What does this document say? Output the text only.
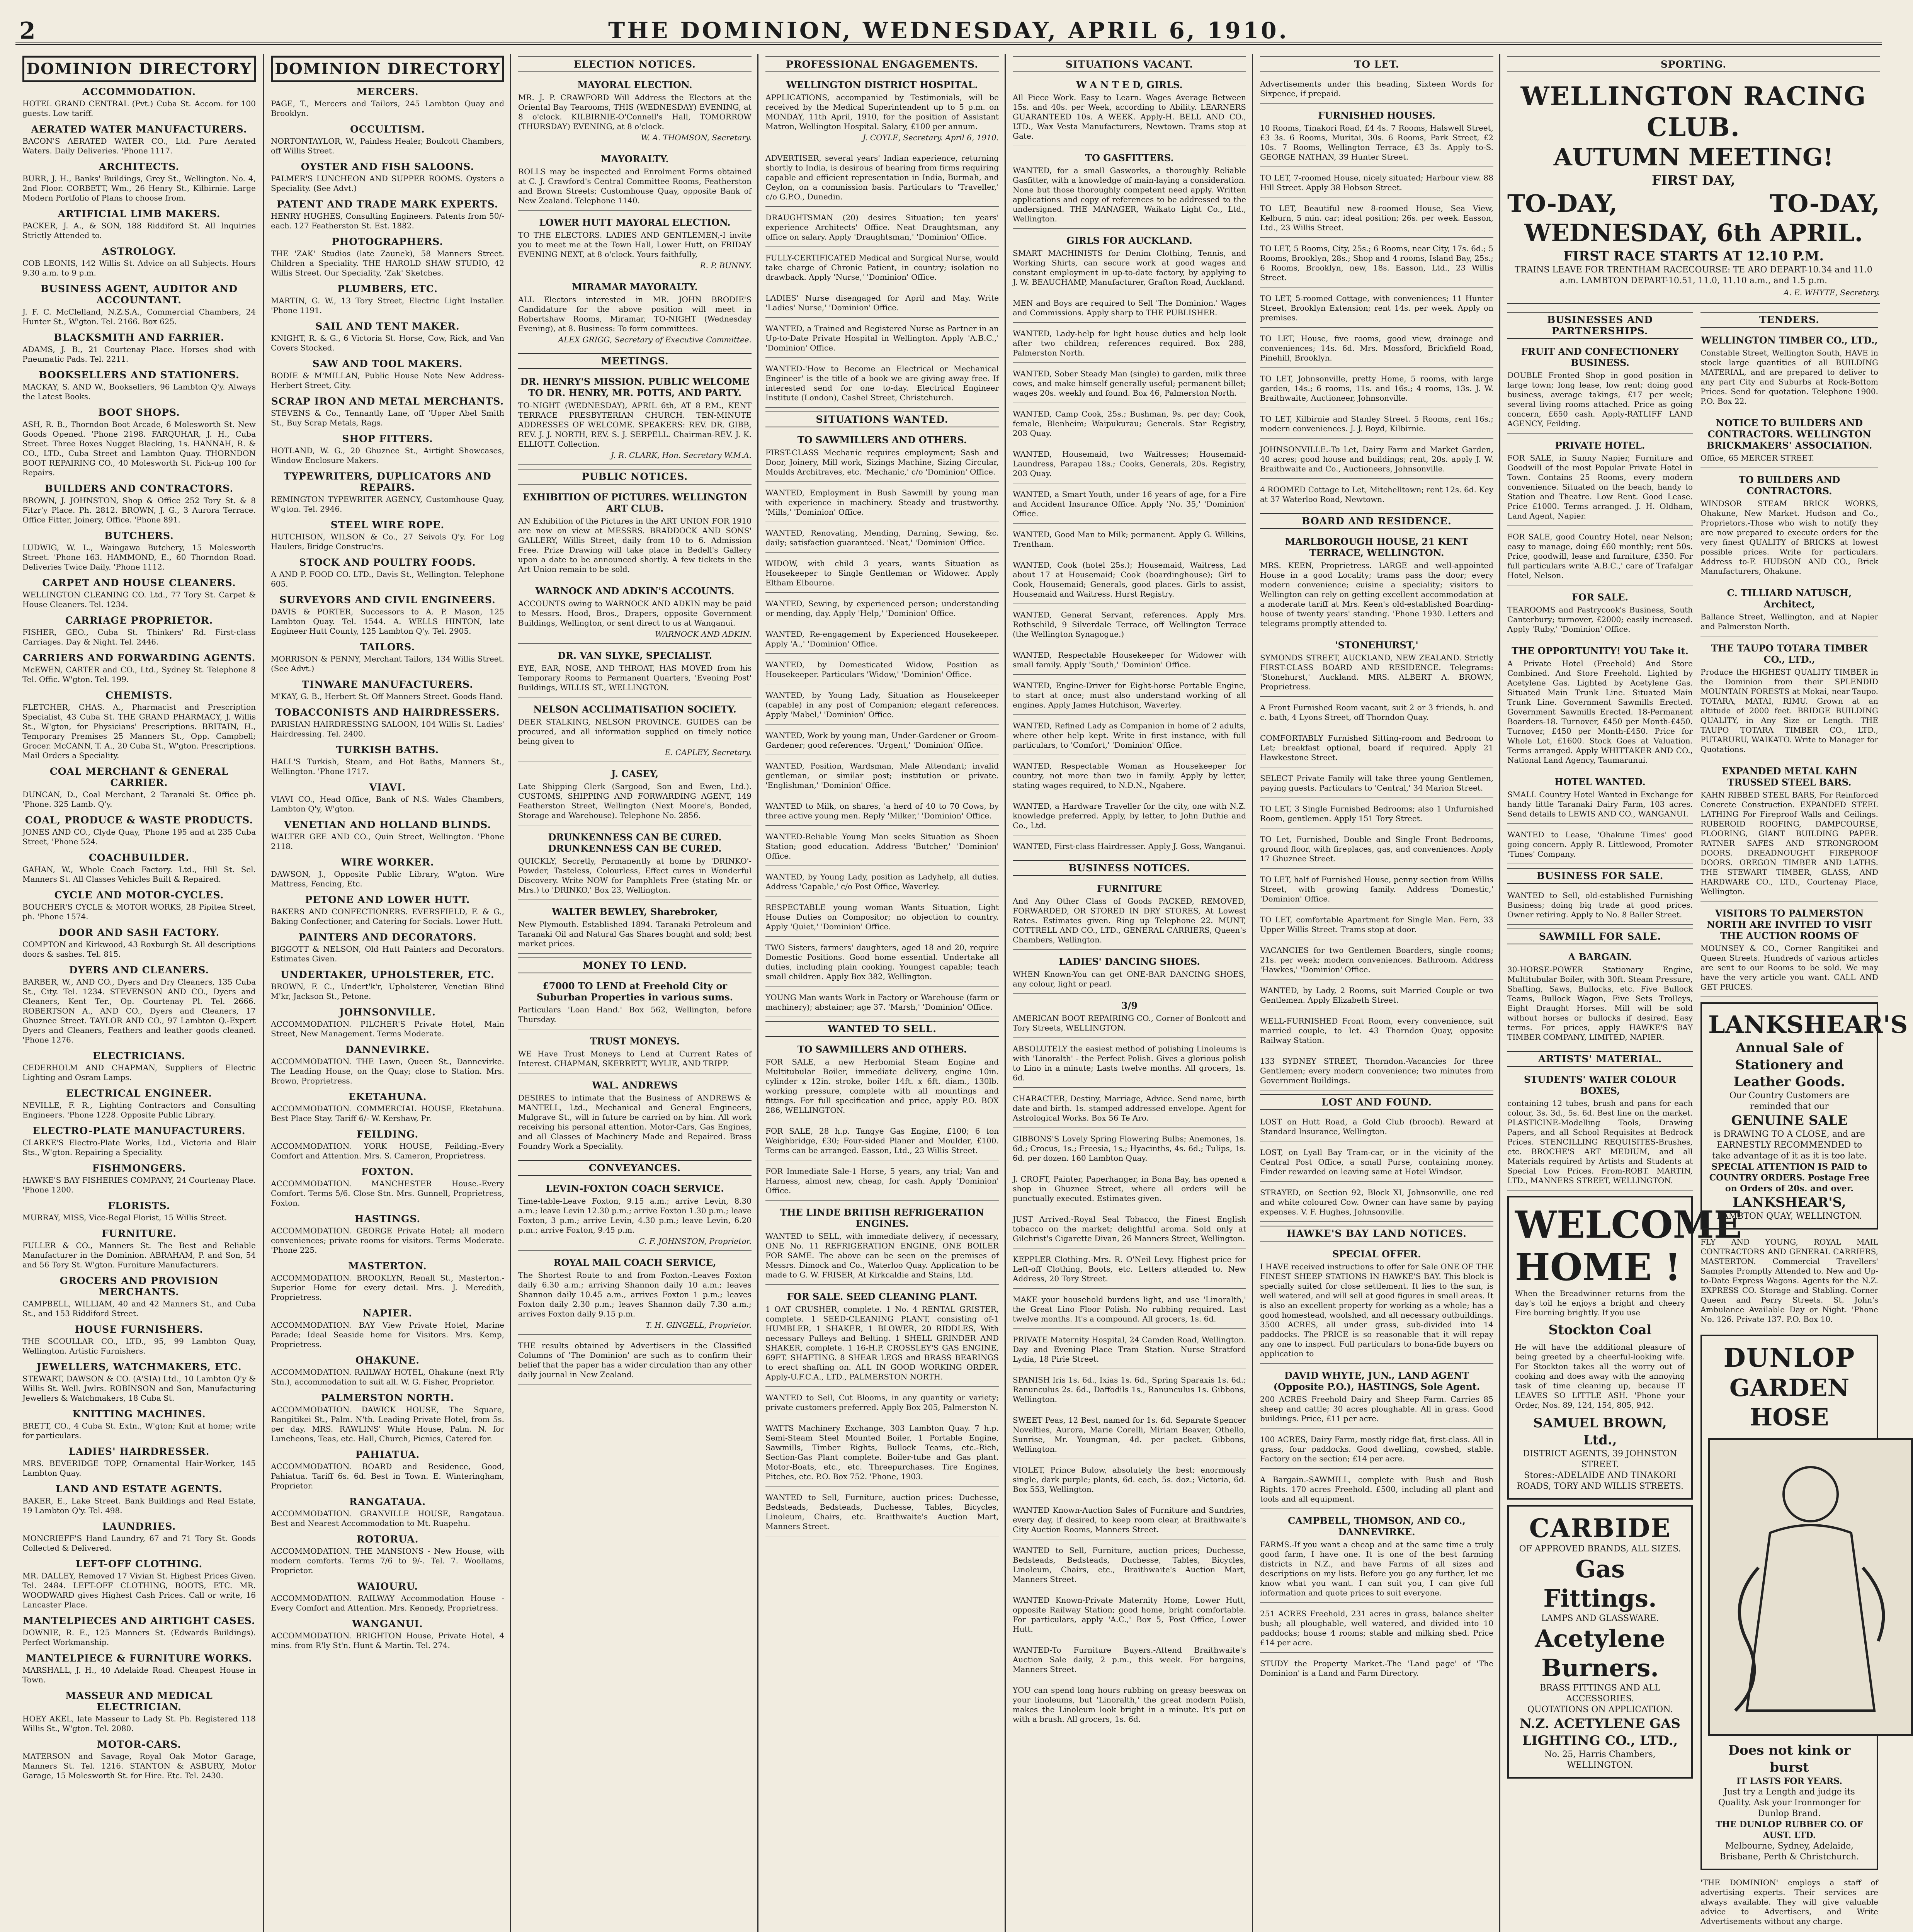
2	THE DOMINION, WEDNESDAY, APRIL 6, 1910.
DOMINION DIRECTORY
ACCOMMODATION.
HOTEL GRAND CENTRAL (Pvt.) Cuba St. Accom. for 100 guests. Low tariff.
AERATED WATER MANUFACTURERS.
BACON'S AERATED WATER CO., Ltd. Pure Aerated Waters. Daily Deliveries. 'Phone 1117.
ARCHITECTS.
BURR, J. H., Banks' Buildings, Grey St., Wellington. No. 4, 2nd Floor. CORBETT, Wm., 26 Henry St., Kilbirnie. Large Modern Portfolio of Plans to choose from.
ARTIFICIAL LIMB MAKERS.
PACKER, J. A., & SON, 188 Riddiford St. All Inquiries Strictly Attended to.
ASTROLOGY.
COB LEONIS, 142 Willis St. Advice on all Subjects. Hours 9.30 a.m. to 9 p.m.
BUSINESS AGENT, AUDITOR AND ACCOUNTANT.
J. F. C. McClelland, N.Z.S.A., Commercial Chambers, 24 Hunter St., W'gton. Tel. 2166. Box 625.
BLACKSMITH AND FARRIER.
ADAMS, J. B., 21 Courtenay Place. Horses shod with Pneumatic Pads. Tel. 2211.
BOOKSELLERS AND STATIONERS.
MACKAY, S. AND W., Booksellers, 96 Lambton Q'y. Always the Latest Books.
BOOT SHOPS.
ASH, R. B., Thorndon Boot Arcade, 6 Molesworth St. New Goods Opened. 'Phone 2198. FARQUHAR, J. H., Cuba Street. Three Boxes Nugget Blacking, 1s. HANNAH, R. & CO., LTD., Cuba Street and Lambton Quay. THORNDON BOOT REPAIRING CO., 40 Molesworth St. Pick-up 100 for Repairs.
BUILDERS AND CONTRACTORS.
BROWN, J. JOHNSTON, Shop & Office 252 Tory St. & 8 Fitzr'y Place. Ph. 2812. BROWN, J. G., 3 Aurora Terrace. Office Fitter, Joinery, Office. 'Phone 891.
BUTCHERS.
LUDWIG, W. L., Waingawa Butchery, 15 Molesworth Street. 'Phone 163. HAMMOND, E., 60 Thorndon Road. Deliveries Twice Daily. 'Phone 1112.
CARPET AND HOUSE CLEANERS.
WELLINGTON CLEANING CO. Ltd., 77 Tory St. Carpet & House Cleaners. Tel. 1234.
CARRIAGE PROPRIETOR.
FISHER, GEO., Cuba St. Thinkers' Rd. First-class Carriages. Day & Night. Tel. 2446.
CARRIERS AND FORWARDING AGENTS.
McEWEN, CARTER and CO., Ltd., Sydney St. Telephone 8 Tel. Offic. W'gton. Tel. 199.
CHEMISTS.
FLETCHER, CHAS. A., Pharmacist and Prescription Specialist, 43 Cuba St. THE GRAND PHARMACY, J. Willis St., W'gton, for Physicians' Prescriptions. BRITAIN, H., Temporary Premises 25 Manners St., Opp. Campbell; Grocer. McCANN, T. A., 20 Cuba St., W'gton. Prescriptions. Mail Orders a Speciality.
COAL MERCHANT & GENERAL CARRIER.
DUNCAN, D., Coal Merchant, 2 Taranaki St. Office ph. 'Phone. 325 Lamb. Q'y.
COAL, PRODUCE & WASTE PRODUCTS.
JONES AND CO., Clyde Quay, 'Phone 195 and at 235 Cuba Street, 'Phone 524.
COACHBUILDER.
GAHAN, W., Whole Coach Factory. Ltd., Hill St. Sel. Manners St. All Classes Vehicles Built & Repaired.
CYCLE AND MOTOR-CYCLES.
BOUCHER'S CYCLE & MOTOR WORKS, 28 Pipitea Street, ph. 'Phone 1574.
DOOR AND SASH FACTORY.
COMPTON and Kirkwood, 43 Roxburgh St. All descriptions doors & sashes. Tel. 815.
DYERS AND CLEANERS.
BARBER, W., AND CO., Dyers and Dry Cleaners, 135 Cuba St., City. Tel. 1234. STEVENSON AND CO., Dyers and Cleaners, Kent Ter., Op. Courtenay Pl. Tel. 2666. ROBERTSON A., AND CO., Dyers and Cleaners, 17 Ghuznee Street. TAYLOR AND CO., 97 Lambton Q.-Expert Dyers and Cleaners, Feathers and leather goods cleaned. 'Phone 1276.
ELECTRICIANS.
CEDERHOLM AND CHAPMAN, Suppliers of Electric Lighting and Osram Lamps.
ELECTRICAL ENGINEER.
NEVILLE, F. R., Lighting Contractors and Consulting Engineers. 'Phone 1228. Opposite Public Library.
ELECTRO-PLATE MANUFACTURERS.
CLARKE'S Electro-Plate Works, Ltd., Victoria and Blair Sts., W'gton. Repairing a Speciality.
FISHMONGERS.
HAWKE'S BAY FISHERIES COMPANY, 24 Courtenay Place. 'Phone 1200.
FLORISTS.
MURRAY, MISS, Vice-Regal Florist, 15 Willis Street.
FURNITURE.
FULLER & CO., Manners St. The Best and Reliable Manufacturer in the Dominion. ABRAHAM, P. and Son, 54 and 56 Tory St. W'gton. Furniture Manufacturers.
GROCERS AND PROVISION MERCHANTS.
CAMPBELL, WILLIAM, 40 and 42 Manners St., and Cuba St., and 153 Riddiford Street.
HOUSE FURNISHERS.
THE SCOULLAR CO., LTD., 95, 99 Lambton Quay, Wellington. Artistic Furnishers.
JEWELLERS, WATCHMAKERS, ETC.
STEWART, DAWSON & CO. (A'SIA) Ltd., 10 Lambton Q'y & Willis St. Well. Jwlrs. ROBINSON and Son, Manufacturing Jewellers & Watchmakers, 18 Cuba St.
KNITTING MACHINES.
BRETT, CO., 4 Cuba St. Extn., W'gton; Knit at home; write for particulars.
LADIES' HAIRDRESSER.
MRS. BEVERIDGE TOPP, Ornamental Hair-Worker, 145 Lambton Quay.
LAND AND ESTATE AGENTS.
BAKER, E., Lake Street. Bank Buildings and Real Estate, 19 Lambton Q'y. Tel. 498.
LAUNDRIES.
MONCRIEFF'S Hand Laundry, 67 and 71 Tory St. Goods Collected & Delivered.
LEFT-OFF CLOTHING.
MR. DALLEY, Removed 17 Vivian St. Highest Prices Given. Tel. 2484. LEFT-OFF CLOTHING, BOOTS, ETC. MR. WOODWARD gives Highest Cash Prices. Call or write, 16 Lancaster Place.
MANTELPIECES AND AIRTIGHT CASES.
DOWNIE, R. E., 125 Manners St. (Edwards Buildings). Perfect Workmanship.
MANTELPIECE & FURNITURE WORKS.
MARSHALL, J. H., 40 Adelaide Road. Cheapest House in Town.
MASSEUR AND MEDICAL ELECTRICIAN.
HOEY AKEL, late Masseur to Lady St. Ph. Registered 118 Willis St., W'gton. Tel. 2080.
MOTOR-CARS.
MATERSON and Savage, Royal Oak Motor Garage, Manners St. Tel. 1216. STANTON & ASBURY, Motor Garage, 15 Molesworth St. for Hire. Etc. Tel. 2430.
DOMINION DIRECTORY
MERCERS.
PAGE, T., Mercers and Tailors, 245 Lambton Quay and Brooklyn.
OCCULTISM.
NORTONTAYLOR, W., Painless Healer, Boulcott Chambers, off Willis Street.
OYSTER AND FISH SALOONS.
PALMER'S LUNCHEON AND SUPPER ROOMS. Oysters a Speciality. (See Advt.)
PATENT AND TRADE MARK EXPERTS.
HENRY HUGHES, Consulting Engineers. Patents from 50/- each. 127 Featherston St. Est. 1882.
PHOTOGRAPHERS.
THE 'ZAK' Studios (late Zaunek), 58 Manners Street. Children a Speciality. THE HAROLD SHAW STUDIO, 42 Willis Street. Our Speciality, 'Zak' Sketches.
PLUMBERS, ETC.
MARTIN, G. W., 13 Tory Street, Electric Light Installer. 'Phone 1191.
SAIL AND TENT MAKER.
KNIGHT, R. & G., 6 Victoria St. Horse, Cow, Rick, and Van Covers Stocked.
SAW AND TOOL MAKERS.
BODIE & M'MILLAN, Public House Note New Address-Herbert Street, City.
SCRAP IRON AND METAL MERCHANTS.
STEVENS & Co., Tennantly Lane, off 'Upper Abel Smith St., Buy Scrap Metals, Rags.
SHOP FITTERS.
HOTLAND, W. G., 20 Ghuznee St., Airtight Showcases, Window Enclosure Makers.
TYPEWRITERS, DUPLICATORS AND REPAIRS.
REMINGTON TYPEWRITER AGENCY, Customhouse Quay, W'gton. Tel. 2946.
STEEL WIRE ROPE.
HUTCHISON, WILSON & Co., 27 Seivols Q'y. For Log Haulers, Bridge Construc'rs.
STOCK AND POULTRY FOODS.
A AND P. FOOD CO. LTD., Davis St., Wellington. Telephone 605.
SURVEYORS AND CIVIL ENGINEERS.
DAVIS & PORTER, Successors to A. P. Mason, 125 Lambton Quay. Tel. 1544. A. WELLS HINTON, late Engineer Hutt County, 125 Lambton Q'y. Tel. 2905.
TAILORS.
MORRISON & PENNY, Merchant Tailors, 134 Willis Street. (See Advt.)
TINWARE MANUFACTURERS.
M'KAY, G. B., Herbert St. Off Manners Street. Goods Hand.
TOBACCONISTS AND HAIRDRESSERS.
PARISIAN HAIRDRESSING SALOON, 104 Willis St. Ladies' Hairdressing. Tel. 2400.
TURKISH BATHS.
HALL'S Turkish, Steam, and Hot Baths, Manners St., Wellington. 'Phone 1717.
VIAVI.
VIAVI CO., Head Office, Bank of N.S. Wales Chambers, Lambton Q'y, W'gton.
VENETIAN AND HOLLAND BLINDS.
WALTER GEE AND CO., Quin Street, Wellington. 'Phone 2118.
WIRE WORKER.
DAWSON, J., Opposite Public Library, W'gton. Wire Mattress, Fencing, Etc.
PETONE AND LOWER HUTT.
BAKERS AND CONFECTIONERS. EVERSFIELD, F. & G., Baking Confectioner, and Catering for Socials. Lower Hutt.
PAINTERS AND DECORATORS.
BIGGOTT & NELSON, Old Hutt Painters and Decorators. Estimates Given.
UNDERTAKER, UPHOLSTERER, ETC.
BROWN, F. C., Undert'k'r, Upholsterer, Venetian Blind M'kr, Jackson St., Petone.
JOHNSONVILLE.
ACCOMMODATION. PILCHER'S Private Hotel, Main Street, New Management. Terms Moderate.
DANNEVIRKE.
ACCOMMODATION. THE Lawn, Queen St., Dannevirke. The Leading House, on the Quay; close to Station. Mrs. Brown, Proprietress.
EKETAHUNA.
ACCOMMODATION. COMMERCIAL HOUSE, Eketahuna. Best Place Stay. Tariff 6/- W. Kershaw, Pr.
FEILDING.
ACCOMMODATION. YORK HOUSE, Feilding.-Every Comfort and Attention. Mrs. S. Cameron, Proprietress.
FOXTON.
ACCOMMODATION. MANCHESTER House.-Every Comfort. Terms 5/6. Close Stn. Mrs. Gunnell, Proprietress, Foxton.
HASTINGS.
ACCOMMODATION. GEORGE Private Hotel; all modern conveniences; private rooms for visitors. Terms Moderate. 'Phone 225.
MASTERTON.
ACCOMMODATION. BROOKLYN, Renall St., Masterton.-Superior Home for every detail. Mrs. J. Meredith, Proprietress.
NAPIER.
ACCOMMODATION. BAY View Private Hotel, Marine Parade; Ideal Seaside home for Visitors. Mrs. Kemp, Proprietress.
OHAKUNE.
ACCOMMODATION. RAILWAY HOTEL, Ohakune (next R'ly Stn.), accommodation to suit all. W. G. Fisher, Proprietor.
PALMERSTON NORTH.
ACCOMMODATION. DAWICK HOUSE, The Square, Rangitikei St., Palm. N'th. Leading Private Hotel, from 5s. per day. MRS. RAWLINS' White House, Palm. N. for Luncheons, Teas, etc. Hall, Church, Picnics, Catered for.
PAHIATUA.
ACCOMMODATION. BOARD and Residence, Good, Pahiatua. Tariff 6s. 6d. Best in Town. E. Winteringham, Proprietor.
RANGATAUA.
ACCOMMODATION. GRANVILLE HOUSE, Rangataua. Best and Nearest Accommodation to Mt. Ruapehu.
ROTORUA.
ACCOMMODATION. THE MANSIONS - New House, with modern comforts. Terms 7/6 to 9/-. Tel. 7. Woollams, Proprietor.
WAIOURU.
ACCOMMODATION. RAILWAY Accommodation House - Every Comfort and Attention. Mrs. Kennedy, Proprietress.
WANGANUI.
ACCOMMODATION. BRIGHTON House, Private Hotel, 4 mins. from R'ly St'n. Hunt & Martin. Tel. 274.
ELECTION NOTICES.
MAYORAL ELECTION.
MR. J. P. CRAWFORD Will Address the Electors at the Oriental Bay Tearooms, THIS (WEDNESDAY) EVENING, at 8 o'clock. KILBIRNIE-O'Connell's Hall, TOMORROW (THURSDAY) EVENING, at 8 o'clock.
W. A. THOMSON, Secretary.
MAYORALTY.
ROLLS may be inspected and Enrolment Forms obtained at C. J. Crawford's Central Committee Rooms, Featherston and Brown Streets; Customhouse Quay, opposite Bank of New Zealand. Telephone 1140.
LOWER HUTT MAYORAL ELECTION.
TO THE ELECTORS. LADIES AND GENTLEMEN,-I invite you to meet me at the Town Hall, Lower Hutt, on FRIDAY EVENING NEXT, at 8 o'clock. Yours faithfully,
R. P. BUNNY.
MIRAMAR MAYORALTY.
ALL Electors interested in MR. JOHN BRODIE'S Candidature for the above position will meet in Robertshaw Rooms, Miramar, TO-NIGHT (Wednesday Evening), at 8. Business: To form committees.
ALEX GRIGG, Secretary of Executive Committee.
MEETINGS.
DR. HENRY'S MISSION. PUBLIC WELCOME TO DR. HENRY, MR. POTTS, AND PARTY.
TO-NIGHT (WEDNESDAY), APRIL 6th, AT 8 P.M., KENT TERRACE PRESBYTERIAN CHURCH. TEN-MINUTE ADDRESSES OF WELCOME. SPEAKERS: REV. DR. GIBB, REV. J. J. NORTH, REV. S. J. SERPELL. Chairman-REV. J. K. ELLIOTT. Collection.
J. R. CLARK, Hon. Secretary W.M.A.
PUBLIC NOTICES.
EXHIBITION OF PICTURES. WELLINGTON ART CLUB.
AN Exhibition of the Pictures in the ART UNION FOR 1910 are now on view at MESSRS. BRADDOCK AND SONS' GALLERY, Willis Street, daily from 10 to 6. Admission Free. Prize Drawing will take place in Bedell's Gallery upon a date to be announced shortly. A few tickets in the Art Union remain to be sold.
WARNOCK AND ADKIN'S ACCOUNTS.
ACCOUNTS owing to WARNOCK AND ADKIN may be paid to Messrs. Hood, Bros., Drapers, opposite Government Buildings, Wellington, or sent direct to us at Wanganui.
WARNOCK AND ADKIN.
DR. VAN SLYKE, SPECIALIST.
EYE, EAR, NOSE, AND THROAT, HAS MOVED from his Temporary Rooms to Permanent Quarters, 'Evening Post' Buildings, WILLIS ST., WELLINGTON.
NELSON ACCLIMATISATION SOCIETY.
DEER STALKING, NELSON PROVINCE. GUIDES can be procured, and all information supplied on timely notice being given to
E. CAPLEY, Secretary.
J. CASEY,
Late Shipping Clerk (Sargood, Son and Ewen, Ltd.). CUSTOMS, SHIPPING AND FORWARDING AGENT, 149 Featherston Street, Wellington (Next Moore's, Bonded, Storage and Warehouse). Telephone No. 2856.
DRUNKENNESS CAN BE CURED. DRUNKENNESS CAN BE CURED.
QUICKLY, Secretly, Permanently at home by 'DRINKO'-Powder, Tasteless, Colourless, Effect cures in Wonderful Discovery. Write NOW for Pamphlets Free (stating Mr. or Mrs.) to 'DRINKO,' Box 23, Wellington.
WALTER BEWLEY, Sharebroker,
New Plymouth. Established 1894. Taranaki Petroleum and Taranaki Oil and Natural Gas Shares bought and sold; best market prices.
MONEY TO LEND.
£7000 TO LEND at Freehold City or Suburban Properties in various sums.
Particulars 'Loan Hand.' Box 562, Wellington, before Thursday.
TRUST MONEYS.
WE Have Trust Moneys to Lend at Current Rates of Interest. CHAPMAN, SKERRETT, WYLIE, AND TRIPP.
WAL. ANDREWS
DESIRES to intimate that the Business of ANDREWS & MANTELL, Ltd., Mechanical and General Engineers, Mulgrave St., will in future be carried on by him. All work receiving his personal attention. Motor-Cars, Gas Engines, and all Classes of Machinery Made and Repaired. Brass Foundry Work a Speciality.
CONVEYANCES.
LEVIN-FOXTON COACH SERVICE.
Time-table-Leave Foxton, 9.15 a.m.; arrive Levin, 8.30 a.m.; leave Levin 12.30 p.m.; arrive Foxton 1.30 p.m.; leave Foxton, 3 p.m.; arrive Levin, 4.30 p.m.; leave Levin, 6.20 p.m.; arrive Foxton, 9.45 p.m.
C. F. JOHNSTON, Proprietor.
ROYAL MAIL COACH SERVICE,
The Shortest Route to and from Foxton.-Leaves Foxton daily 6.30 a.m.; arriving Shannon daily 10 a.m.; leaves Shannon daily 10.45 a.m., arrives Foxton 1 p.m.; leaves Foxton daily 2.30 p.m.; leaves Shannon daily 7.30 a.m.; arrives Foxton daily 9.15 p.m.
T. H. GINGELL, Proprietor.
THE results obtained by Advertisers in the Classified Columns of 'The Dominion' are such as to confirm their belief that the paper has a wider circulation than any other daily journal in New Zealand.
PROFESSIONAL ENGAGEMENTS.
WELLINGTON DISTRICT HOSPITAL.
APPLICATIONS, accompanied by Testimonials, will be received by the Medical Superintendent up to 5 p.m. on MONDAY, 11th April, 1910, for the position of Assistant Matron, Wellington Hospital. Salary, £100 per annum.
J. COYLE, Secretary. April 6, 1910.
ADVERTISER, several years' Indian experience, returning shortly to India, is desirous of hearing from firms requiring capable and efficient representation in India, Burmah, and Ceylon, on a commission basis. Particulars to 'Traveller,' c/o G.P.O., Dunedin.
DRAUGHTSMAN (20) desires Situation; ten years' experience Architects' Office. Neat Draughtsman, any office on salary. Apply 'Draughtsman,' 'Dominion' Office.
FULLY-CERTIFICATED Medical and Surgical Nurse, would take charge of Chronic Patient, in country; isolation no drawback. Apply 'Nurse,' 'Dominion' Office.
LADIES' Nurse disengaged for April and May. Write 'Ladies' Nurse,' 'Dominion' Office.
WANTED, a Trained and Registered Nurse as Partner in an Up-to-Date Private Hospital in Wellington. Apply 'A.B.C.,' 'Dominion' Office.
WANTED-'How to Become an Electrical or Mechanical Engineer' is the title of a book we are giving away free. If interested send for one to-day. Electrical Engineer Institute (London), Cashel Street, Christchurch.
SITUATIONS WANTED.
TO SAWMILLERS AND OTHERS.
FIRST-CLASS Mechanic requires employment; Sash and Door, Joinery, Mill work, Sizings Machine, Sizing Circular, Moulds Architraves, etc. 'Mechanic,' c/o 'Dominion' Office.
WANTED, Employment in Bush Sawmill by young man with experience in machinery. Steady and trustworthy. 'Mills,' 'Dominion' Office.
WANTED, Renovating, Mending, Darning, Sewing, &c. daily; satisfaction guaranteed. 'Neat,' 'Dominion' Office.
WIDOW, with child 3 years, wants Situation as Housekeeper to Single Gentleman or Widower. Apply Eltham Elbourne.
WANTED, Sewing, by experienced person; understanding or mending, day. Apply 'Help,' 'Dominion' Office.
WANTED, Re-engagement by Experienced Housekeeper. Apply 'A.,' 'Dominion' Office.
WANTED, by Domesticated Widow, Position as Housekeeper. Particulars 'Widow,' 'Dominion' Office.
WANTED, by Young Lady, Situation as Housekeeper (capable) in any post of Companion; elegant references. Apply 'Mabel,' 'Dominion' Office.
WANTED, Work by young man, Under-Gardener or Groom-Gardener; good references. 'Urgent,' 'Dominion' Office.
WANTED, Position, Wardsman, Male Attendant; invalid gentleman, or similar post; institution or private. 'Englishman,' 'Dominion' Office.
WANTED to Milk, on shares, 'a herd of 40 to 70 Cows, by three active young men. Reply 'Milker,' 'Dominion' Office.
WANTED-Reliable Young Man seeks Situation as Shoen Station; good education. Address 'Butcher,' 'Dominion' Office.
WANTED, by Young Lady, position as Ladyhelp, all duties. Address 'Capable,' c/o Post Office, Waverley.
RESPECTABLE young woman Wants Situation, Light House Duties on Compositor; no objection to country. Apply 'Quiet,' 'Dominion' Office.
TWO Sisters, farmers' daughters, aged 18 and 20, require Domestic Positions. Good home essential. Undertake all duties, including plain cooking. Youngest capable; teach small children. Apply Box 382, Wellington.
YOUNG Man wants Work in Factory or Warehouse (farm or machinery); abstainer; age 37. 'Marsh,' 'Dominion' Office.
WANTED TO SELL.
TO SAWMILLERS AND OTHERS.
FOR SALE, a new Herbomial Steam Engine and Multitubular Boiler, immediate delivery, engine 10in. cylinder x 12in. stroke, boiler 14ft. x 6ft. diam., 130lb. working pressure, complete with all mountings and fittings. For full specification and price, apply P.O. BOX 286, WELLINGTON.
FOR SALE, 28 h.p. Tangye Gas Engine, £100; 6 ton Weighbridge, £30; Four-sided Planer and Moulder, £100. Terms can be arranged. Easson, Ltd., 23 Willis Street.
FOR Immediate Sale-1 Horse, 5 years, any trial; Van and Harness, almost new, cheap, for cash. Apply 'Dominion' Office.
THE LINDE BRITISH REFRIGERATION ENGINES.
WANTED to SELL, with immediate delivery, if necessary, ONE No. 11 REFRIGERATION ENGINE, ONE BOILER FOR SAME. The above can be seen on the premises of Messrs. Dimock and Co., Waterloo Quay. Application to be made to G. W. FRISER, At Kirkcaldie and Stains, Ltd.
FOR SALE. SEED CLEANING PLANT.
1 OAT CRUSHER, complete. 1 No. 4 RENTAL GRISTER, complete. 1 SEED-CLEANING PLANT, consisting of-1 HUMBLER, 1 SHAKER, 1 BLOWER, 20 RIDDLES, With necessary Pulleys and Belting. 1 SHELL GRINDER AND SHAKER, complete. 1 16-H.P. CROSSLEY'S GAS ENGINE, 69FT. SHAFTING. 8 SHEAR LEGS and BRASS BEARINGS to erect shafting on. ALL IN GOOD WORKING ORDER. Apply-U.F.C.A., LTD., PALMERSTON NORTH.
WANTED to Sell, Cut Blooms, in any quantity or variety; private customers preferred. Apply Box 205, Palmerston N.
WATTS Machinery Exchange, 303 Lambton Quay. 7 h.p. Semi-Steam Steel Mounted Boiler, 1 Portable Engine, Sawmills, Timber Rights, Bullock Teams, etc.-Rich, Section-Gas Plant complete. Boiler-tube and Gas plant. Motor-Boats, etc., etc. Threepurchases. Tire Engines, Pitches, etc. P.O. Box 752. 'Phone, 1903.
WANTED to Sell, Furniture, auction prices: Duchesse, Bedsteads, Bedsteads, Duchesse, Tables, Bicycles, Linoleum, Chairs, etc. Braithwaite's Auction Mart, Manners Street.
SITUATIONS VACANT.
W A N T E D, GIRLS.
All Piece Work. Easy to Learn. Wages Average Between 15s. and 40s. per Week, according to Ability. LEARNERS GUARANTEED 10s. A WEEK. Apply-H. BELL AND CO., LTD., Wax Vesta Manufacturers, Newtown. Trams stop at Gate.
TO GASFITTERS.
WANTED, for a small Gasworks, a thoroughly Reliable Gasfitter, with a knowledge of main-laying a consideration. None but those thoroughly competent need apply. Written applications and copy of references to be addressed to the undersigned. THE MANAGER, Waikato Light Co., Ltd., Wellington.
GIRLS FOR AUCKLAND.
SMART MACHINISTS for Denim Clothing, Tennis, and Working Shirts, can secure work at good wages and constant employment in up-to-date factory, by applying to J. W. BEAUCHAMP, Manufacturer, Grafton Road, Auckland.
MEN and Boys are required to Sell 'The Dominion.' Wages and Commissions. Apply sharp to THE PUBLISHER.
WANTED, Lady-help for light house duties and help look after two children; references required. Box 288, Palmerston North.
WANTED, Sober Steady Man (single) to garden, milk three cows, and make himself generally useful; permanent billet; wages 20s. weekly and found. Box 46, Palmerston North.
WANTED, Camp Cook, 25s.; Bushman, 9s. per day; Cook, female, Blenheim; Waipukurau; Generals. Star Registry, 203 Quay.
WANTED, Housemaid, two Waitresses; Housemaid-Laundress, Parapau 18s.; Cooks, Generals, 20s. Registry, 203 Quay.
WANTED, a Smart Youth, under 16 years of age, for a Fire and Accident Insurance Office. Apply 'No. 35,' 'Dominion' Office.
WANTED, Good Man to Milk; permanent. Apply G. Wilkins, Trentham.
WANTED, Cook (hotel 25s.); Housemaid, Waitress, Lad about 17 at Housemaid; Cook (boardinghouse); Girl to Cook, Housemaid; Generals, good places. Girls to assist, Housemaid and Waitress. Hurst Registry.
WANTED, General Servant, references. Apply Mrs. Rothschild, 9 Silverdale Terrace, off Wellington Terrace (the Wellington Synagogue.)
WANTED, Respectable Housekeeper for Widower with small family. Apply 'South,' 'Dominion' Office.
WANTED, Engine-Driver for Eight-horse Portable Engine, to start at once; must also understand working of all engines. Apply James Hutchison, Waverley.
WANTED, Refined Lady as Companion in home of 2 adults, where other help kept. Write in first instance, with full particulars, to 'Comfort,' 'Dominion' Office.
WANTED, Respectable Woman as Housekeeper for country, not more than two in family. Apply by letter, stating wages required, to N.D.N., Ngahere.
WANTED, a Hardware Traveller for the city, one with N.Z. knowledge preferred. Apply, by letter, to John Duthie and Co., Ltd.
WANTED, First-class Hairdresser. Apply J. Goss, Wanganui.
BUSINESS NOTICES.
FURNITURE
And Any Other Class of Goods PACKED, REMOVED, FORWARDED, OR STORED IN DRY STORES, At Lowest Rates. Estimates given. Ring up Telephone 22. MUNT, COTTRELL AND CO., LTD., GENERAL CARRIERS, Queen's Chambers, Wellington.
LADIES' DANCING SHOES.
WHEN Known-You can get ONE-BAR DANCING SHOES, any colour, light or pearl.
3/9
AMERICAN BOOT REPAIRING CO., Corner of Bonlcott and Tory Streets, WELLINGTON.
ABSOLUTELY the easiest method of polishing Linoleums is with 'Linoralth' - the Perfect Polish. Gives a glorious polish to Lino in a minute; Lasts twelve months. All grocers, 1s. 6d.
CHARACTER, Destiny, Marriage, Advice. Send name, birth date and birth. 1s. stamped addressed envelope. Agent for Astrological Works. Box 56 Te Aro.
GIBBONS'S Lovely Spring Flowering Bulbs; Anemones, 1s. 6d.; Crocus, 1s.; Freesia, 1s.; Hyacinths, 4s. 6d.; Tulips, 1s. 6d. per dozen. 160 Lambton Quay.
J. CROFT, Painter, Paperhanger, in Bona Bay, has opened a shop in Ghuznee Street, where all orders will be punctually executed. Estimates given.
JUST Arrived.-Royal Seal Tobacco, the Finest English tobacco on the market; delightful aroma. Sold only at Gilchrist's Cigarette Divan, 26 Manners Street, Wellington.
KEPPLER Clothing.-Mrs. R. O'Neil Levy. Highest price for Left-off Clothing, Boots, etc. Letters attended to. New Address, 20 Tory Street.
MAKE your household burdens light, and use 'Linoralth,' the Great Lino Floor Polish. No rubbing required. Last twelve months. It's a compound. All grocers, 1s. 6d.
PRIVATE Maternity Hospital, 24 Camden Road, Wellington. Day and Evening Place Tram Station. Nurse Stratford Lydia, 18 Pirie Street.
SPANISH Iris 1s. 6d., Ixias 1s. 6d., Spring Sparaxis 1s. 6d.; Ranunculus 2s. 6d., Daffodils 1s., Ranunculus 1s. Gibbons, Wellington.
SWEET Peas, 12 Best, named for 1s. 6d. Separate Spencer Novelties, Aurora, Marie Corelli, Miriam Beaver, Othello, Sunrise, Mr. Youngman, 4d. per packet. Gibbons, Wellington.
VIOLET, Prince Bulow, absolutely the best; enormously single, dark purple; plants, 6d. each, 5s. doz.; Victoria, 6d. Box 553, Wellington.
WANTED Known-Auction Sales of Furniture and Sundries, every day, if desired, to keep room clear, at Braithwaite's City Auction Rooms, Manners Street.
WANTED to Sell, Furniture, auction prices; Duchesse, Bedsteads, Bedsteads, Duchesse, Tables, Bicycles, Linoleum, Chairs, etc., Braithwaite's Auction Mart, Manners Street.
WANTED Known-Private Maternity Home, Lower Hutt, opposite Railway Station; good home, bright comfortable. For particulars, apply 'A.C.,' Box 5, Post Office, Lower Hutt.
WANTED-To Furniture Buyers.-Attend Braithwaite's Auction Sale daily, 2 p.m., this week. For bargains, Manners Street.
YOU can spend long hours rubbing on greasy beeswax on your linoleums, but 'Linoralth,' the great modern Polish, makes the Linoleum look bright in a minute. It's put on with a brush. All grocers, 1s. 6d.
TO LET.
Advertisements under this heading, Sixteen Words for Sixpence, if prepaid.
FURNISHED HOUSES.
10 Rooms, Tinakori Road, £4 4s. 7 Rooms, Halswell Street, £3 3s. 6 Rooms, Muritai, 30s. 6 Rooms, Park Street, £2 10s. 7 Rooms, Wellington Terrace, £3 3s. Apply to-S. GEORGE NATHAN, 39 Hunter Street.
TO LET, 7-roomed House, nicely situated; Harbour view. 88 Hill Street. Apply 38 Hobson Street.
TO LET, Beautiful new 8-roomed House, Sea View, Kelburn, 5 min. car; ideal position; 26s. per week. Easson, Ltd., 23 Willis Street.
TO LET, 5 Rooms, City, 25s.; 6 Rooms, near City, 17s. 6d.; 5 Rooms, Brooklyn, 28s.; Shop and 4 rooms, Island Bay, 25s.; 6 Rooms, Brooklyn, new, 18s. Easson, Ltd., 23 Willis Street.
TO LET, 5-roomed Cottage, with conveniences; 11 Hunter Street, Brooklyn Extension; rent 14s. per week. Apply on premises.
TO LET, House, five rooms, good view, drainage and conveniences; 14s. 6d. Mrs. Mossford, Brickfield Road, Pinehill, Brooklyn.
TO LET, Johnsonville, pretty Home, 5 rooms, with large garden, 14s.; 6 rooms, 11s. and 16s.; 4 rooms, 13s. J. W. Braithwaite, Auctioneer, Johnsonville.
TO LET, Kilbirnie and Stanley Street. 5 Rooms, rent 16s.; modern conveniences. J. J. Boyd, Kilbirnie.
JOHNSONVILLE.-To Let, Dairy Farm and Market Garden, 40 acres; good house and buildings; rent, 20s. apply J. W. Braithwaite and Co., Auctioneers, Johnsonville.
4 ROOMED Cottage to Let, Mitchelltown; rent 12s. 6d. Key at 37 Waterloo Road, Newtown.
BOARD AND RESIDENCE.
MARLBOROUGH HOUSE, 21 KENT TERRACE, WELLINGTON.
MRS. KEEN, Proprietress. LARGE and well-appointed House in a good Locality; trams pass the door; every modern convenience; cuisine a speciality; visitors to Wellington can rely on getting excellent accommodation at a moderate tariff at Mrs. Keen's old-established Boarding-house of twenty years' standing. 'Phone 1930. Letters and telegrams promptly attended to.
'STONEHURST,'
SYMONDS STREET, AUCKLAND, NEW ZEALAND. Strictly FIRST-CLASS BOARD AND RESIDENCE. Telegrams: 'Stonehurst,' Auckland. MRS. ALBERT A. BROWN, Proprietress.
A Front Furnished Room vacant, suit 2 or 3 friends, h. and c. bath, 4 Lyons Street, off Thorndon Quay.
COMFORTABLY Furnished Sitting-room and Bedroom to Let; breakfast optional, board if required. Apply 21 Hawkestone Street.
SELECT Private Family will take three young Gentlemen, paying guests. Particulars to 'Central,' 34 Marion Street.
TO LET, 3 Single Furnished Bedrooms; also 1 Unfurnished Room, gentlemen. Apply 151 Tory Street.
TO Let, Furnished, Double and Single Front Bedrooms, ground floor, with fireplaces, gas, and conveniences. Apply 17 Ghuznee Street.
TO LET, half of Furnished House, penny section from Willis Street, with growing family. Address 'Domestic,' 'Dominion' Office.
TO LET, comfortable Apartment for Single Man. Fern, 33 Upper Willis Street. Trams stop at door.
VACANCIES for two Gentlemen Boarders, single rooms; 21s. per week; modern conveniences. Bathroom. Address 'Hawkes,' 'Dominion' Office.
WANTED, by Lady, 2 Rooms, suit Married Couple or two Gentlemen. Apply Elizabeth Street.
WELL-FURNISHED Front Room, every convenience, suit married couple, to let. 43 Thorndon Quay, opposite Railway Station.
133 SYDNEY STREET, Thorndon.-Vacancies for three Gentlemen; every modern convenience; two minutes from Government Buildings.
LOST AND FOUND.
LOST on Hutt Road, a Gold Club (brooch). Reward at Standard Insurance, Wellington.
LOST, on Lyall Bay Tram-car, or in the vicinity of the Central Post Office, a small Purse, containing money. Finder rewarded on leaving same at Hotel Windsor.
STRAYED, on Section 92, Block XI, Johnsonville, one red and white coloured Cow. Owner can have same by paying expenses. V. F. Hughes, Johnsonville.
HAWKE'S BAY LAND NOTICES.
SPECIAL OFFER.
I HAVE received instructions to offer for Sale ONE OF THE FINEST SHEEP STATIONS IN HAWKE'S BAY. This block is specially suited for close settlement. It lies to the sun, is well watered, and will sell at good figures in small areas. It is also an excellent property for working as a whole; has a good homestead, woolshed, and all necessary outbuildings. 3500 ACRES, all under grass, sub-divided into 14 paddocks. The PRICE is so reasonable that it will repay any one to inspect. Full particulars to bona-fide buyers on application to
DAVID WHYTE, JUN., LAND AGENT (Opposite P.O.), HASTINGS, Sole Agent.
200 ACRES Freehold Dairy and Sheep Farm. Carries 85 sheep and cattle; 30 acres ploughable. All in grass. Good buildings. Price, £11 per acre.
100 ACRES, Dairy Farm, mostly ridge flat, first-class. All in grass, four paddocks. Good dwelling, cowshed, stable. Factory on the section; £14 per acre.
A Bargain.-SAWMILL, complete with Bush and Bush Rights. 170 acres Freehold. £500, including all plant and tools and all equipment.
CAMPBELL, THOMSON, AND CO., DANNEVIRKE.
FARMS.-If you want a cheap and at the same time a truly good farm, I have one. It is one of the best farming districts in N.Z., and have Farms of all sizes and descriptions on my lists. Before you go any further, let me know what you want. I can suit you, I can give full information and quote prices to suit everyone.
251 ACRES Freehold, 231 acres in grass, balance shelter bush; all ploughable, well watered, and divided into 10 paddocks; house 4 rooms; stable and milking shed. Price £14 per acre.
STUDY the Property Market.-The 'Land page' of 'The Dominion' is a Land and Farm Directory.
SPORTING.
WELLINGTON RACING CLUB.
AUTUMN MEETING!
FIRST DAY,
TO-DAY,	TO-DAY,
WEDNESDAY, 6th APRIL.
FIRST RACE STARTS AT 12.10 P.M.
TRAINS LEAVE FOR TRENTHAM RACECOURSE: TE ARO DEPART-10.34 and 11.0 a.m. LAMBTON DEPART-10.51, 11.0, 11.10 a.m., and 1.5 p.m.
A. E. WHYTE, Secretary.
BUSINESSES AND PARTNERSHIPS.
FRUIT AND CONFECTIONERY BUSINESS.
DOUBLE Fronted Shop in good position in large town; long lease, low rent; doing good business, average takings, £17 per week; several living rooms attached. Price as going concern, £650 cash. Apply-RATLIFF LAND AGENCY, Feilding.
PRIVATE HOTEL.
FOR SALE, in Sunny Napier, Furniture and Goodwill of the most Popular Private Hotel in Town. Contains 25 Rooms, every modern convenience. Situated on the beach, handy to Station and Theatre. Low Rent. Good Lease. Price £1000. Terms arranged. J. H. Oldham, Land Agent, Napier.
FOR SALE, good Country Hotel, near Nelson; easy to manage, doing £60 monthly; rent 50s. Price, goodwill, lease and furniture, £350. For full particulars write 'A.B.C.,' care of Trafalgar Hotel, Nelson.
FOR SALE.
TEAROOMS and Pastrycook's Business, South Canterbury; turnover, £2000; easily increased. Apply 'Ruby,' 'Dominion' Office.
THE OPPORTUNITY! YOU Take it.
A Private Hotel (Freehold) And Store Combined. And Store Freehold. Lighted by Acetylene Gas. Lighted by Acetylene Gas. Situated Main Trunk Line. Situated Main Trunk Line. Government Sawmills Erected. Government Sawmills Erected. 18-Permanent Boarders-18. Turnover, £450 per Month-£450. Turnover, £450 per Month-£450. Price for Whole Lot, £1600. Stock Goes at Valuation. Terms arranged. Apply WHITTAKER AND CO., National Land Agency, Taumarunui.
HOTEL WANTED.
SMALL Country Hotel Wanted in Exchange for handy little Taranaki Dairy Farm, 103 acres. Send details to LEWIS AND CO., WANGANUI.
WANTED to Lease, 'Ohakune Times' good going concern. Apply R. Littlewood, Promoter 'Times' Company.
BUSINESS FOR SALE.
WANTED to Sell, old-established Furnishing Business; doing big trade at good prices. Owner retiring. Apply to No. 8 Baller Street.
SAWMILL FOR SALE.
A BARGAIN.
30-HORSE-POWER Stationary Engine, Multitubular Boiler, with 30ft. Steam Pressure, Shafting, Saws, Bullocks, etc. Five Bullock Teams, Bullock Wagon, Five Sets Trolleys, Eight Draught Horses. Mill will be sold without horses or bullocks if desired. Easy terms. For prices, apply HAWKE'S BAY TIMBER COMPANY, LIMITED, NAPIER.
ARTISTS' MATERIAL.
STUDENTS' WATER COLOUR BOXES,
containing 12 tubes, brush and pans for each colour, 3s. 3d., 5s. 6d. Best line on the market. PLASTICINE-Modelling Tools, Drawing Papers, and all School Requisites at Bedrock Prices. STENCILLING REQUISITES-Brushes, etc. BROCHE'S ART MEDIUM, and all Materials required by Artists and Students at Special Low Prices. From-ROBT. MARTIN, LTD., MANNERS STREET, WELLINGTON.
WELCOME HOME !
When the Breadwinner returns from the day's toil he enjoys a bright and cheery Fire burning brightly. If you use
Stockton Coal
He will have the additional pleasure of being greeted by a cheerful-looking wife. For Stockton takes all the worry out of cooking and does away with the annoying task of time cleaning up, because IT LEAVES SO LITTLE ASH. 'Phone your Order, Nos. 89, 124, 154, 805, 942.
SAMUEL BROWN, Ltd.,
DISTRICT AGENTS, 39 JOHNSTON STREET.
Stores:-ADELAIDE AND TINAKORI ROADS, TORY AND WILLIS STREETS.
CARBIDE
OF APPROVED BRANDS, ALL SIZES.
Gas Fittings.
LAMPS AND GLASSWARE.
Acetylene
Burners.
BRASS FITTINGS AND ALL ACCESSORIES.
QUOTATIONS ON APPLICATION.
N.Z. ACETYLENE GAS LIGHTING CO., LTD.,
No. 25, Harris Chambers, WELLINGTON.
TENDERS.
WELLINGTON TIMBER CO., LTD.,
Constable Street, Wellington South, HAVE in stock large quantities of all BUILDING MATERIAL, and are prepared to deliver to any part City and Suburbs at Rock-Bottom Prices. Send for quotation. Telephone 1900. P.O. Box 22.
NOTICE TO BUILDERS AND CONTRACTORS. WELLINGTON BRICKMAKERS' ASSOCIATION.
Office, 65 MERCER STREET.
TO BUILDERS AND CONTRACTORS.
WINDSOR STEAM BRICK WORKS, Ohakune, New Market. Hudson and Co., Proprietors.-Those who wish to notify they are now prepared to execute orders for the very finest QUALITY of BRICKS at lowest possible prices. Write for particulars. Address to-F. HUDSON AND CO., Brick Manufacturers, Ohakune.
C. TILLIARD NATUSCH, Architect,
Ballance Street, Wellington, and at Napier and Palmerston North.
THE TAUPO TOTARA TIMBER CO., LTD.,
Produce the HIGHEST QUALITY TIMBER in the Dominion from their SPLENDID MOUNTAIN FORESTS at Mokai, near Taupo. TOTARA, MATAI, RIMU. Grown at an altitude of 2000 feet. BRIDGE BUILDING QUALITY, in Any Size or Length. THE TAUPO TOTARA TIMBER CO., LTD., PUTARURU, WAIKATO. Write to Manager for Quotations.
EXPANDED METAL KAHN TRUSSED STEEL BARS.
KAHN RIBBED STEEL BARS, For Reinforced Concrete Construction. EXPANDED STEEL LATHING For Fireproof Walls and Ceilings. RUBEROID ROOFING, DAMPCOURSE, FLOORING, GIANT BUILDING PAPER. RATNER SAFES AND STRONGROOM DOORS. DREADNOUGHT FIREPROOF DOORS. OREGON TIMBER AND LATHS. THE STEWART TIMBER, GLASS, AND HARDWARE CO., LTD., Courtenay Place, Wellington.
VISITORS TO PALMERSTON NORTH ARE INVITED TO VISIT THE AUCTION ROOMS OF
MOUNSEY & CO., Corner Rangitikei and Queen Streets. Hundreds of various articles are sent to our Rooms to be sold. We may have the very article you want. CALL AND GET PRICES.
LANKSHEAR'S
Annual Sale of Stationery and Leather Goods.
Our Country Customers are reminded that our
GENUINE SALE
is DRAWING TO A CLOSE, and are EARNESTLY RECOMMENDED to take advantage of it as it is too late.
SPECIAL ATTENTION IS PAID to COUNTRY ORDERS. Postage Free on Orders of 20s. and over.
LANKSHEAR'S,
LAMBTON QUAY, WELLINGTON.
FLY AND YOUNG, ROYAL MAIL CONTRACTORS AND GENERAL CARRIERS, MASTERTON. Commercial Travellers' Samples Promptly Attended to. New and Up-to-Date Express Wagons. Agents for the N.Z. EXPRESS CO. Storage and Stabling. Corner Queen and Perry Streets. St. John's Ambulance Available Day or Night. 'Phone No. 126. Private 137. P.O. Box 10.
DUNLOP
GARDEN HOSE
Does not kink or burst
IT LASTS FOR YEARS.
Just try a Length and judge its Quality. Ask your Ironmonger for Dunlop Brand.
THE DUNLOP RUBBER CO. OF AUST. LTD.
Melbourne, Sydney, Adelaide, Brisbane, Perth & Christchurch.
'THE DOMINION' employs a staff of advertising experts. Their services are always available. They will give valuable advice to Advertisers, and Write Advertisements without any charge.
